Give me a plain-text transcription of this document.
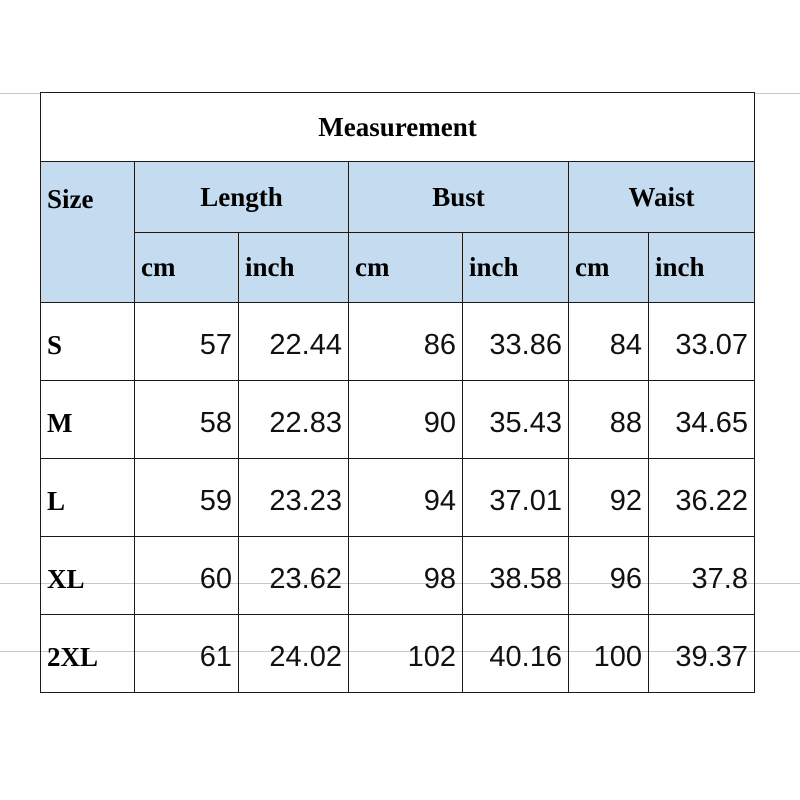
Measurement						
Size	Length		Bust		Waist	
	cm	inch	cm	inch	cm	inch
S	57	22.44	86	33.86	84	33.07
M	58	22.83	90	35.43	88	34.65
L	59	23.23	94	37.01	92	36.22
XL	60	23.62	98	38.58	96	37.8
2XL	61	24.02	102	40.16	100	39.37
